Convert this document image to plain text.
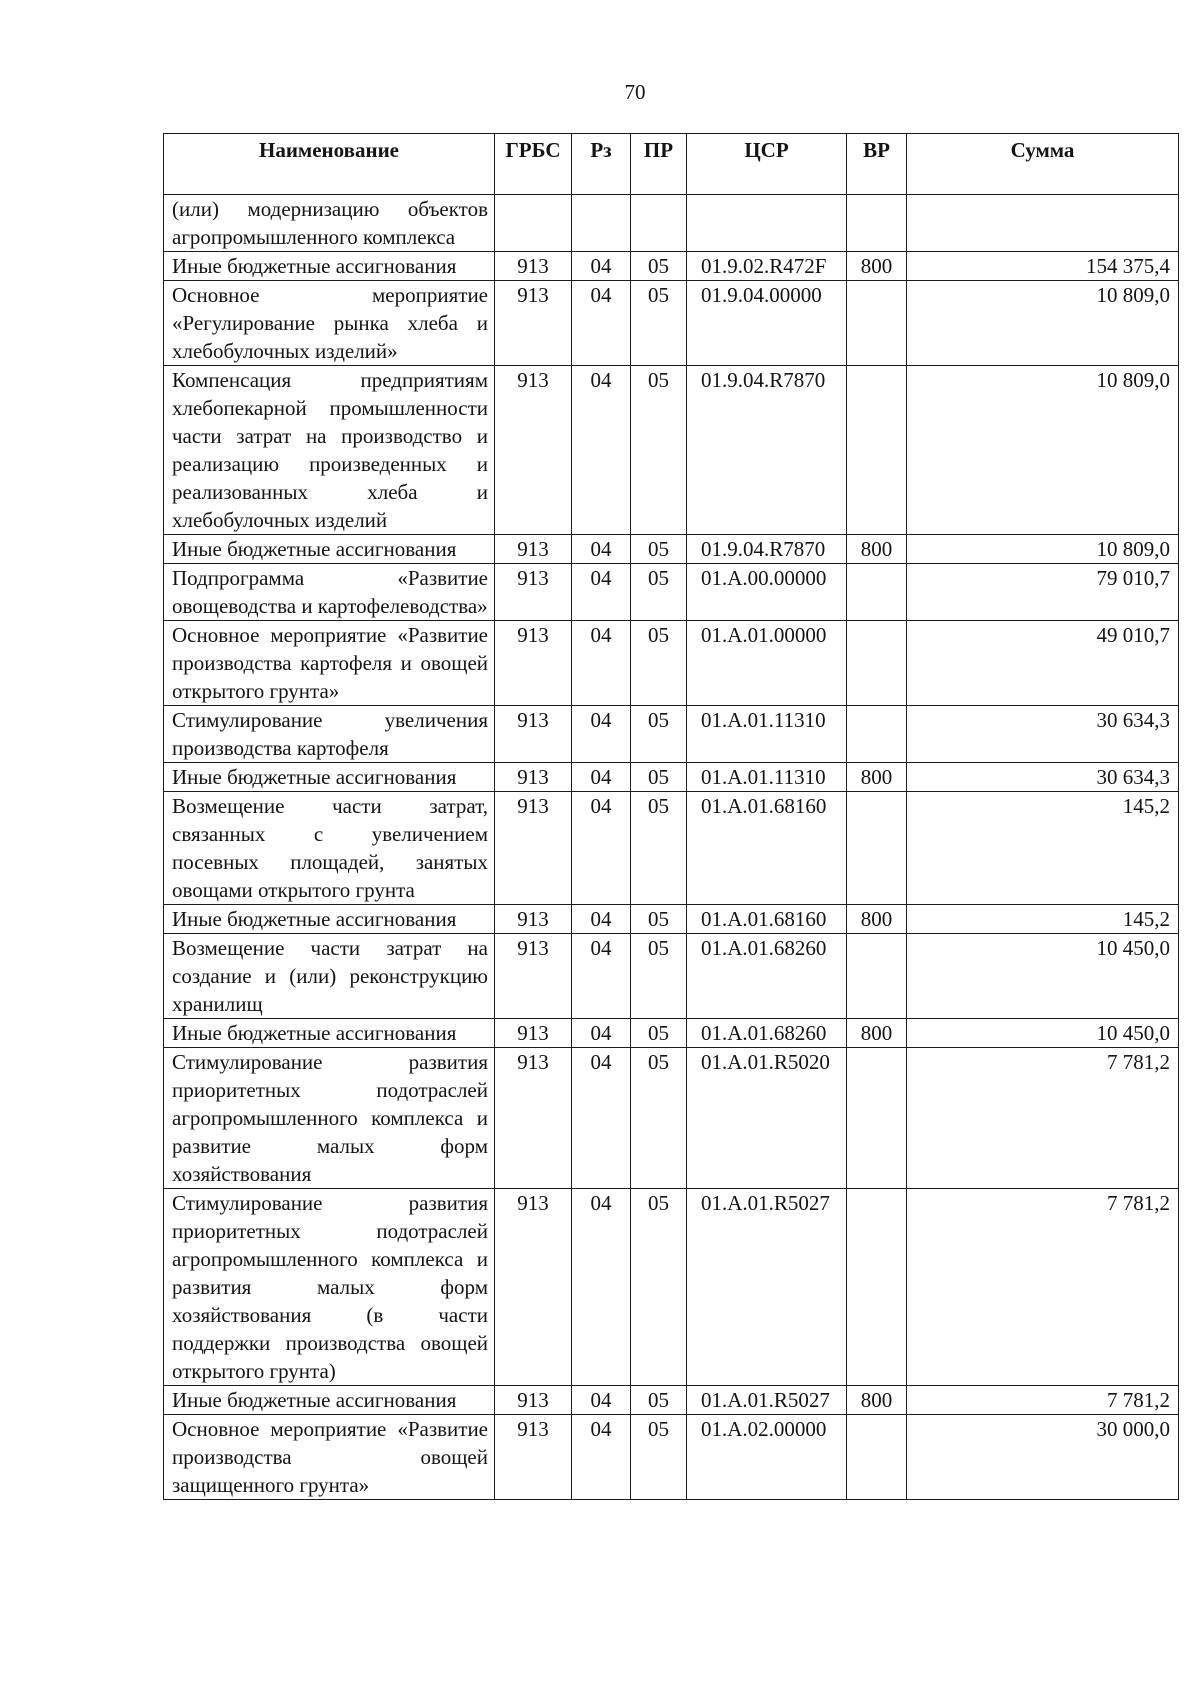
70
Наименование	ГРБС	Рз	ПР	ЦСР	ВР	Сумма
(или) модернизацию объектов агропромышленного комплекса						
Иные бюджетные ассигнования	913	04	05	01.9.02.R472F	800	154 375,4
Основное мероприятие «Регулирование рынка хлеба и хлебобулочных изделий»	913	04	05	01.9.04.00000		10 809,0
Компенсация предприятиям хлебопекарной промышленности части затрат на производство и реализацию произведенных и реализованных хлеба и хлебобулочных изделий	913	04	05	01.9.04.R7870		10 809,0
Иные бюджетные ассигнования	913	04	05	01.9.04.R7870	800	10 809,0
Подпрограмма «Развитие овощеводства и картофелеводства»	913	04	05	01.А.00.00000		79 010,7
Основное мероприятие «Развитие производства картофеля и овощей открытого грунта»	913	04	05	01.А.01.00000		49 010,7
Стимулирование увеличения производства картофеля	913	04	05	01.А.01.11310		30 634,3
Иные бюджетные ассигнования	913	04	05	01.А.01.11310	800	30 634,3
Возмещение части затрат, связанных с увеличением посевных площадей, занятых овощами открытого грунта	913	04	05	01.А.01.68160		145,2
Иные бюджетные ассигнования	913	04	05	01.А.01.68160	800	145,2
Возмещение части затрат на создание и (или) реконструкцию хранилищ	913	04	05	01.А.01.68260		10 450,0
Иные бюджетные ассигнования	913	04	05	01.А.01.68260	800	10 450,0
Стимулирование развития приоритетных подотраслей агропромышленного комплекса и развитие малых форм хозяйствования	913	04	05	01.А.01.R5020		7 781,2
Стимулирование развития приоритетных подотраслей агропромышленного комплекса и развития малых форм хозяйствования (в части поддержки производства овощей открытого грунта)	913	04	05	01.А.01.R5027		7 781,2
Иные бюджетные ассигнования	913	04	05	01.А.01.R5027	800	7 781,2
Основное мероприятие «Развитие производства овощей защищенного грунта»	913	04	05	01.А.02.00000		30 000,0
